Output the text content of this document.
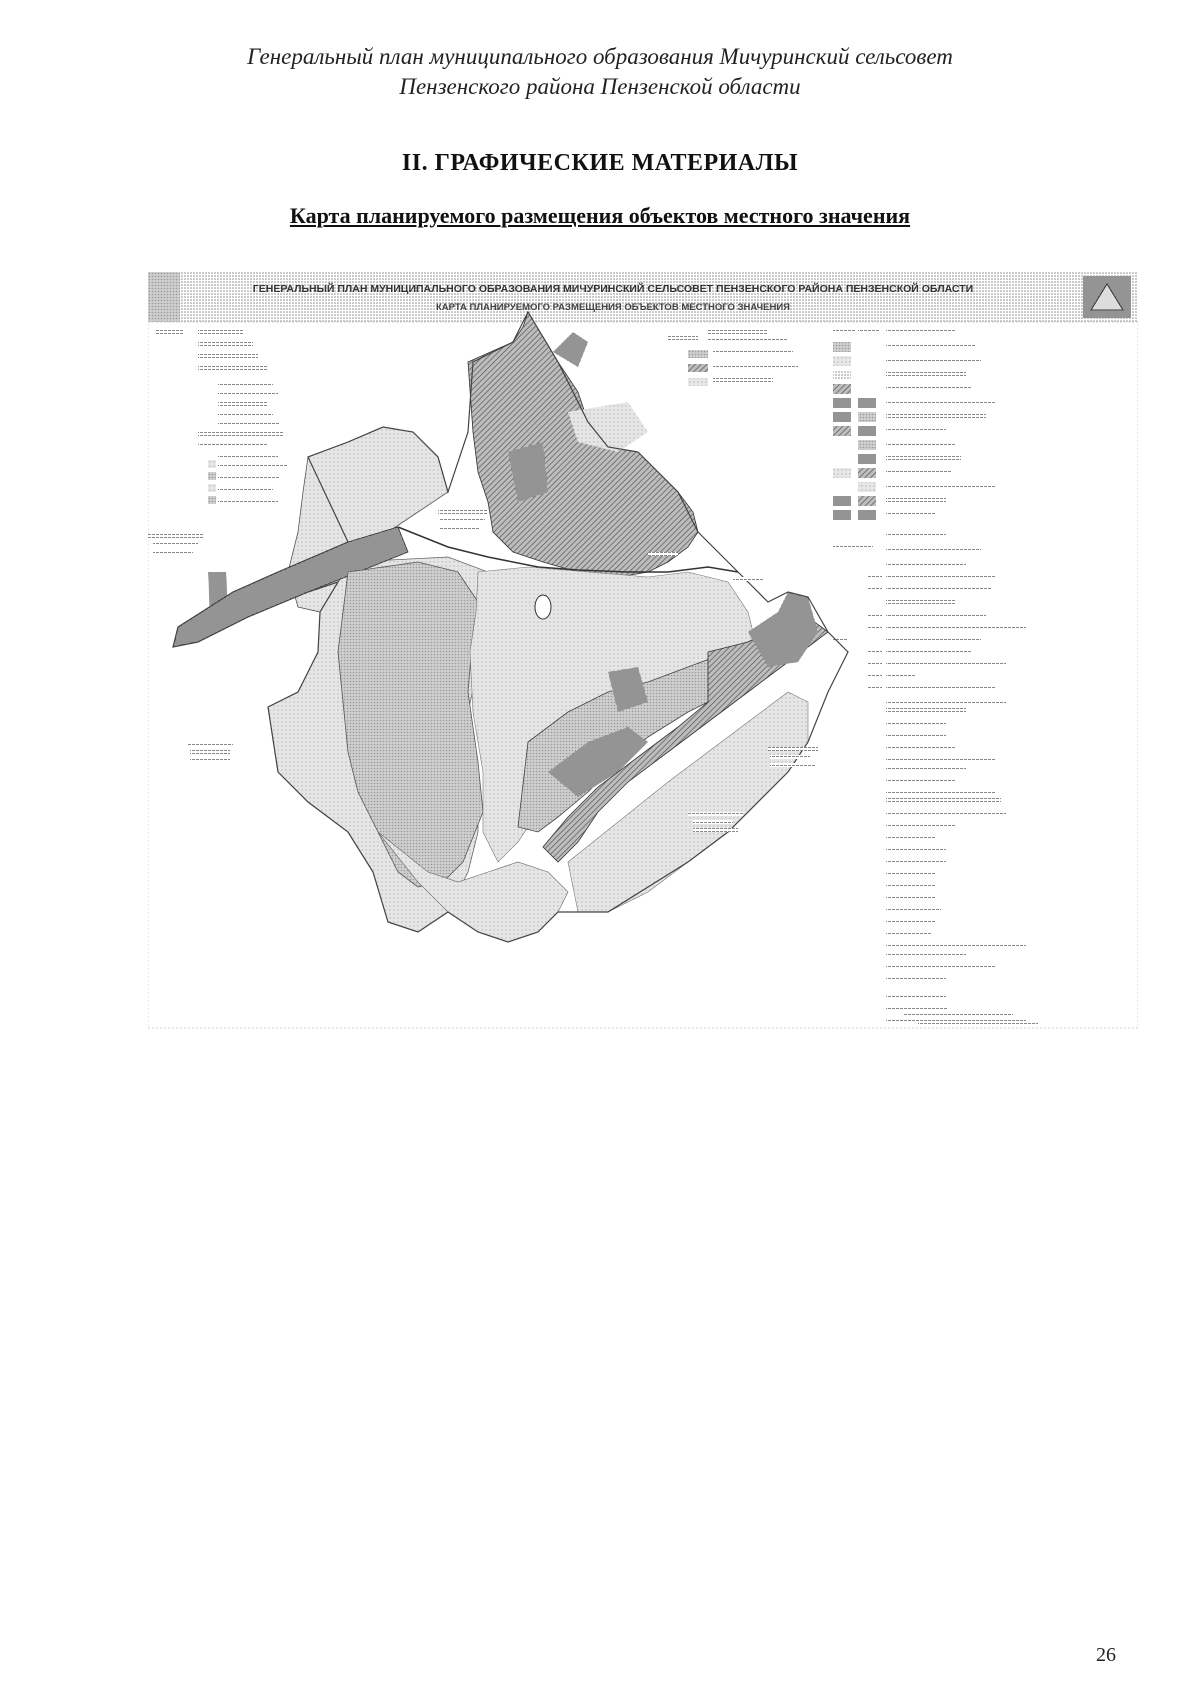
Генеральный план муниципального образования Мичуринский сельсовет
Пензенского района Пензенской области
II. ГРАФИЧЕСКИЕ МАТЕРИАЛЫ
Карта планируемого размещения объектов местного значения
ГЕНЕРАЛЬНЫЙ ПЛАН МУНИЦИПАЛЬНОГО ОБРАЗОВАНИЯ МИЧУРИНСКИЙ СЕЛЬСОВЕТ ПЕНЗЕНСКОГО РАЙОНА ПЕНЗЕНСКОЙ ОБЛАСТИ
КАРТА ПЛАНИРУЕМОГО РАЗМЕЩЕНИЯ ОБЪЕКТОВ МЕСТНОГО ЗНАЧЕНИЯ
26
